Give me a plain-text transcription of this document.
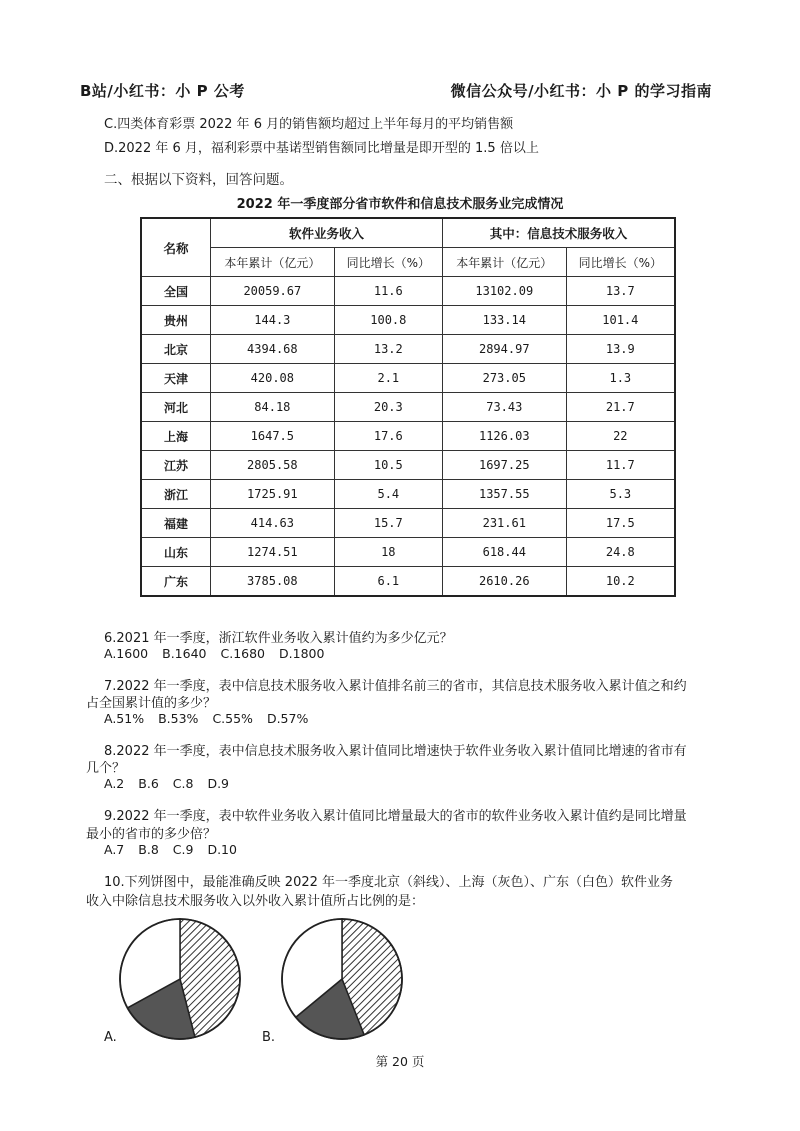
B站/小红书：小 P 公考	微信公众号/小红书：小 P 的学习指南
C.四类体育彩票 2022 年 6 月的销售额均超过上半年每月的平均销售额
D.2022 年 6 月，福利彩票中基诺型销售额同比增量是即开型的 1.5 倍以上
二、根据以下资料，回答问题。
2022 年一季度部分省市软件和信息技术服务业完成情况
名称	软件业务收入		其中：信息技术服务收入	
	本年累计（亿元）	同比增长（%）	本年累计（亿元）	同比增长（%）
全国	20059.67	11.6	13102.09	13.7
贵州	144.3	100.8	133.14	101.4
北京	4394.68	13.2	2894.97	13.9
天津	420.08	2.1	273.05	1.3
河北	84.18	20.3	73.43	21.7
上海	1647.5	17.6	1126.03	22
江苏	2805.58	10.5	1697.25	11.7
浙江	1725.91	5.4	1357.55	5.3
福建	414.63	15.7	231.61	17.5
山东	1274.51	18	618.44	24.8
广东	3785.08	6.1	2610.26	10.2
6.2021 年一季度，浙江软件业务收入累计值约为多少亿元？
A.1600 B.1640 C.1680 D.1800
7.2022 年一季度，表中信息技术服务收入累计值排名前三的省市，其信息技术服务收入累计值之和约
占全国累计值的多少？
A.51% B.53% C.55% D.57%
8.2022 年一季度，表中信息技术服务收入累计值同比增速快于软件业务收入累计值同比增速的省市有
几个？
A.2 B.6 C.8 D.9
9.2022 年一季度，表中软件业务收入累计值同比增量最大的省市的软件业务收入累计值约是同比增量
最小的省市的多少倍？
A.7 B.8 C.9 D.10
10.下列饼图中，最能准确反映 2022 年一季度北京（斜线）、上海（灰色）、广东（白色）软件业务
收入中除信息技术服务收入以外收入累计值所占比例的是：
A.	B.
第 20 页
